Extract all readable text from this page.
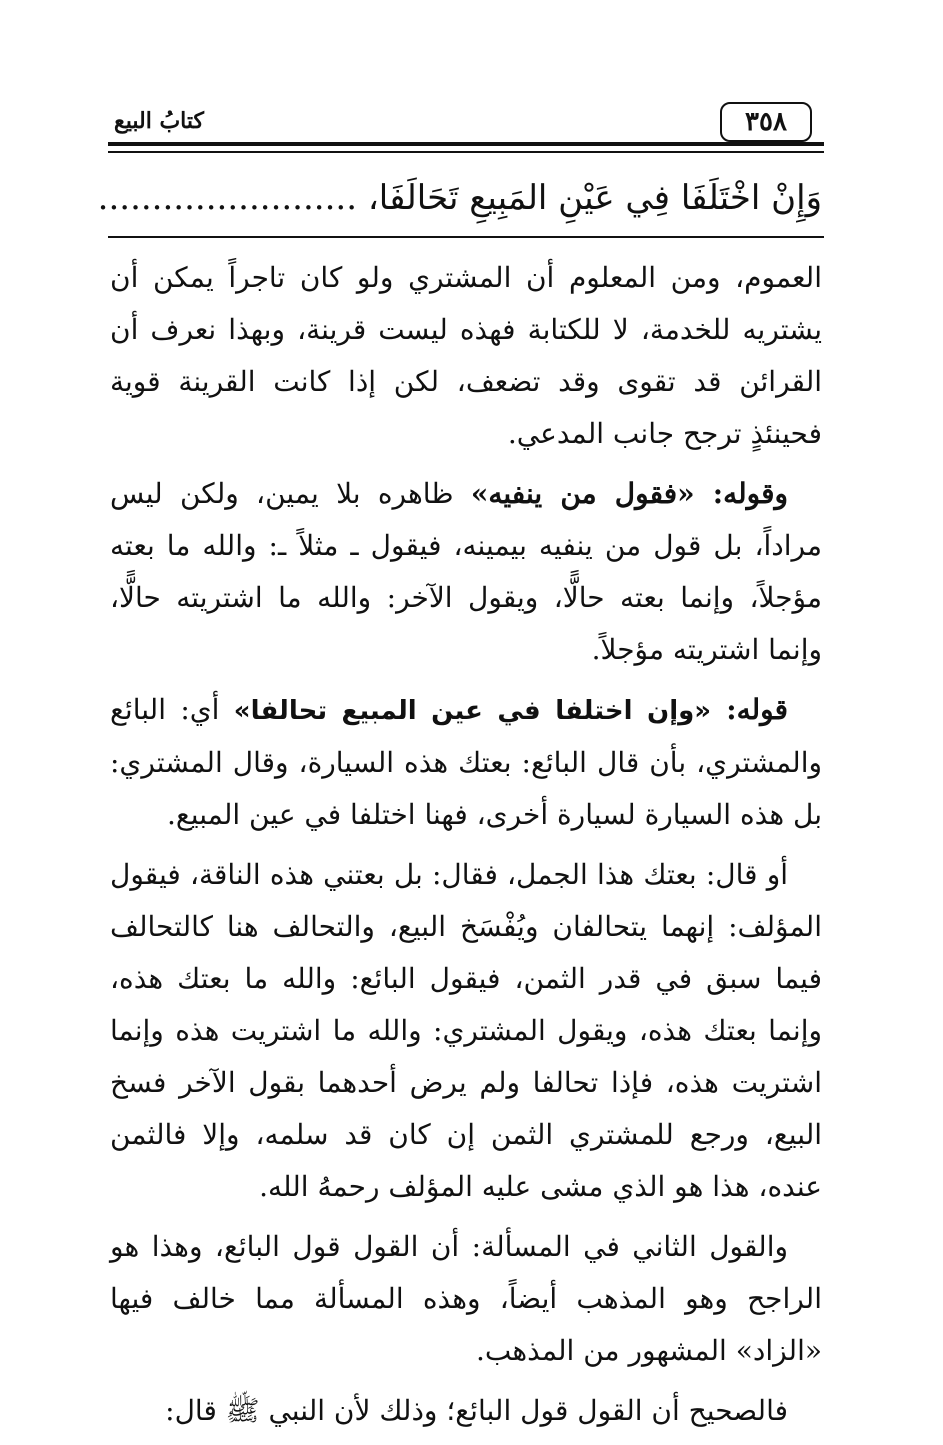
كتابُ البيع	٣٥٨
وَإِنْ اخْتَلَفَا فِي عَيْنِ المَبِيعِ تَحَالَفَا، ........................

العموم، ومن المعلوم أن المشتري ولو كان تاجراً يمكن أن يشتريه للخدمة، لا للكتابة فهذه ليست قرينة، وبهذا نعرف أن القرائن قد تقوى وقد تضعف، لكن إذا كانت القرينة قوية فحينئذٍ ترجح جانب المدعي.

وقوله: «فقول من ينفيه» ظاهره بلا يمين، ولكن ليس مراداً، بل قول من ينفيه بيمينه، فيقول ـ مثلاً ـ: والله ما بعته مؤجلاً، وإنما بعته حالًّا، ويقول الآخر: والله ما اشتريته حالًّا، وإنما اشتريته مؤجلاً.

قوله: «وإن اختلفا في عين المبيع تحالفا» أي: البائع والمشتري، بأن قال البائع: بعتك هذه السيارة، وقال المشتري: بل هذه السيارة لسيارة أخرى، فهنا اختلفا في عين المبيع.

أو قال: بعتك هذا الجمل، فقال: بل بعتني هذه الناقة، فيقول المؤلف: إنهما يتحالفان ويُفْسَخ البيع، والتحالف هنا كالتحالف فيما سبق في قدر الثمن، فيقول البائع: والله ما بعتك هذه، وإنما بعتك هذه، ويقول المشتري: والله ما اشتريت هذه وإنما اشتريت هذه، فإذا تحالفا ولم يرض أحدهما بقول الآخر فسخ البيع، ورجع للمشتري الثمن إن كان قد سلمه، وإلا فالثمن عنده، هذا هو الذي مشى عليه المؤلف رحمهُ الله.

والقول الثاني في المسألة: أن القول قول البائع، وهذا هو الراجح وهو المذهب أيضاً، وهذه المسألة مما خالف فيها «الزاد» المشهور من المذهب.

فالصحيح أن القول قول البائع؛ وذلك لأن النبي ﷺ قال:
